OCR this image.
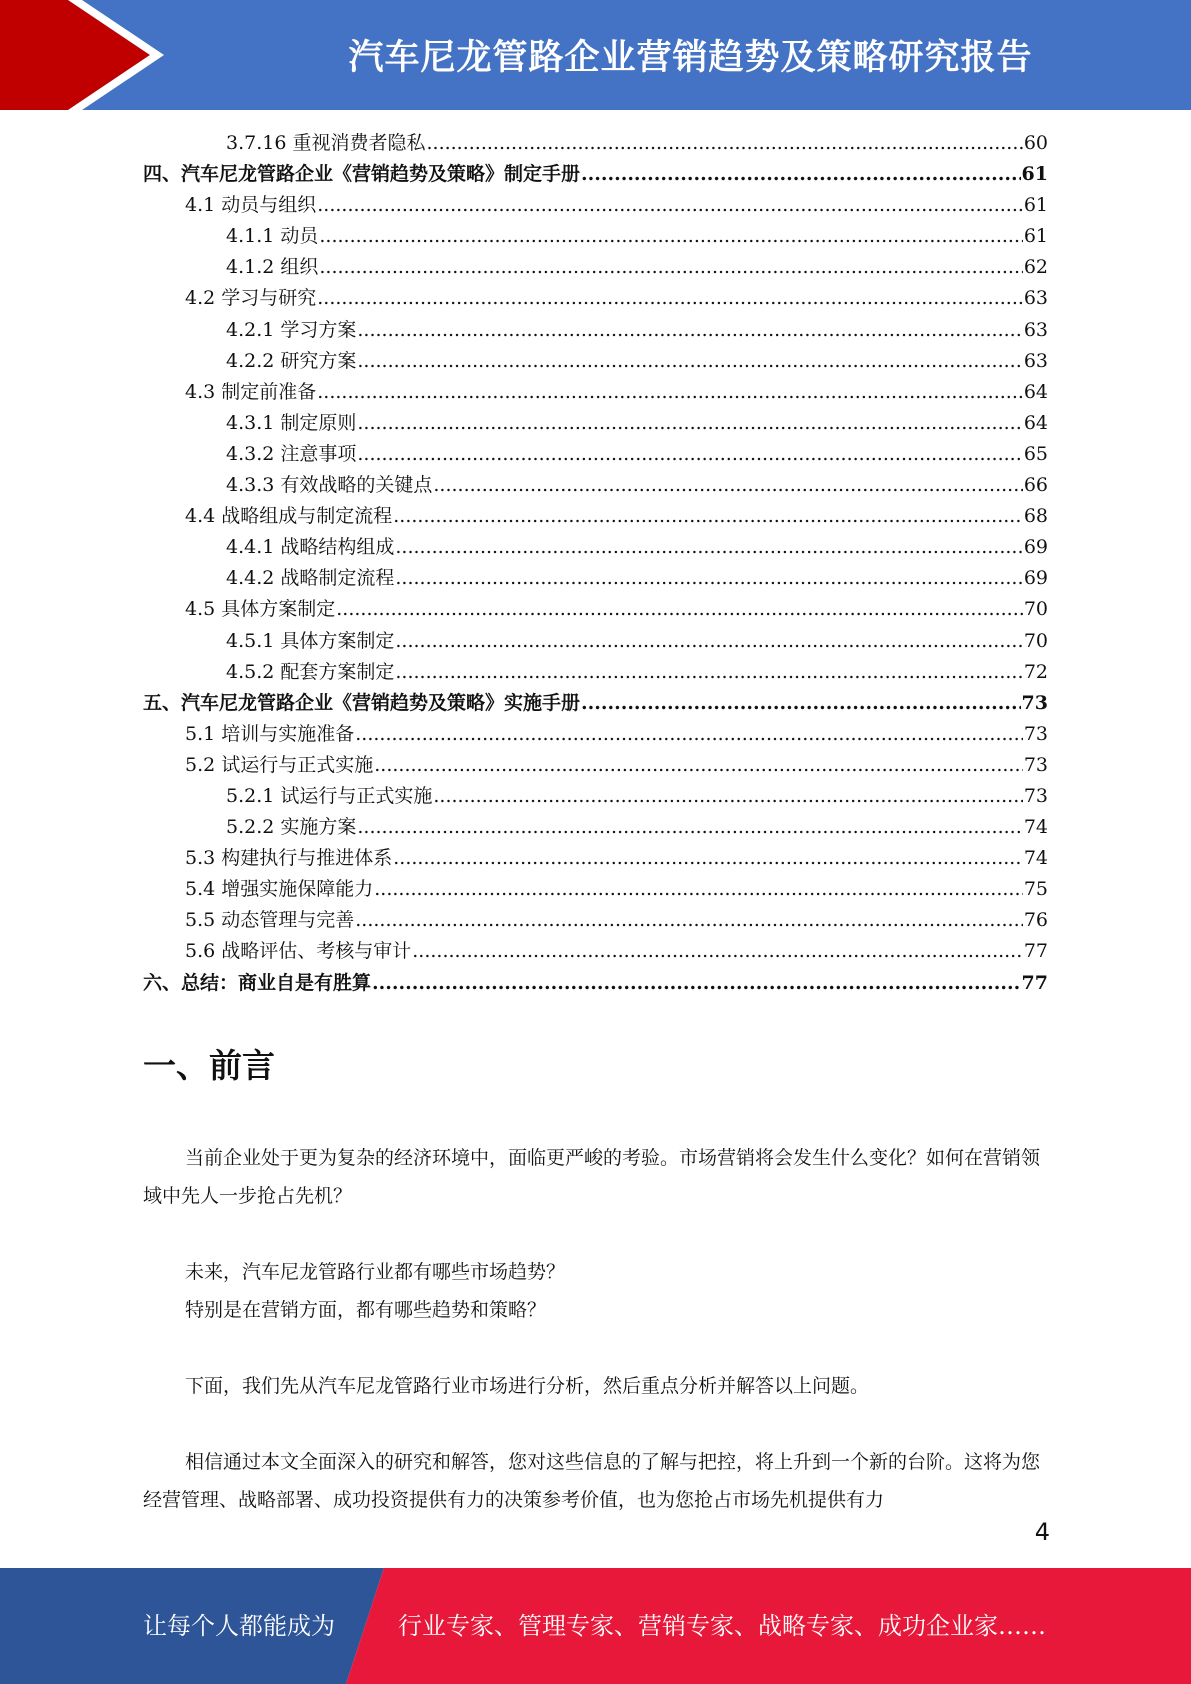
汽车尼龙管路企业营销趋势及策略研究报告
3.7.16 重视消费者隐私 .....	60
四、汽车尼龙管路企业《营销趋势及策略》制定手册 .....	61
4.1 动员与组织 .....	61
4.1.1 动员 .....	61
4.1.2 组织 .....	62
4.2 学习与研究 .....	63
4.2.1 学习方案 .....	63
4.2.2 研究方案 .....	63
4.3 制定前准备 .....	64
4.3.1 制定原则 .....	64
4.3.2 注意事项 .....	65
4.3.3 有效战略的关键点 .....	66
4.4 战略组成与制定流程 .....	68
4.4.1 战略结构组成 .....	69
4.4.2 战略制定流程 .....	69
4.5 具体方案制定 .....	70
4.5.1 具体方案制定 .....	70
4.5.2 配套方案制定 .....	72
五、汽车尼龙管路企业《营销趋势及策略》实施手册 .....	73
5.1 培训与实施准备 .....	73
5.2 试运行与正式实施 .....	73
5.2.1 试运行与正式实施 .....	73
5.2.2 实施方案 .....	74
5.3 构建执行与推进体系 .....	74
5.4 增强实施保障能力 .....	75
5.5 动态管理与完善 .....	76
5.6 战略评估、考核与审计 .....	77
六、总结：商业自是有胜算 .....	77
一、前言

当前企业处于更为复杂的经济环境中，面临更严峻的考验。市场营销将会发生什么变化？如何在营销领域中先人一步抢占先机？

未来，汽车尼龙管路行业都有哪些市场趋势？

特别是在营销方面，都有哪些趋势和策略？

下面，我们先从汽车尼龙管路行业市场进行分析，然后重点分析并解答以上问题。

相信通过本文全面深入的研究和解答，您对这些信息的了解与把控，将上升到一个新的台阶。这将为您经营管理、战略部署、成功投资提供有力的决策参考价值，也为您抢占市场先机提供有力

4
让每个人都能成为	行业专家、管理专家、营销专家、战略专家、成功企业家……
